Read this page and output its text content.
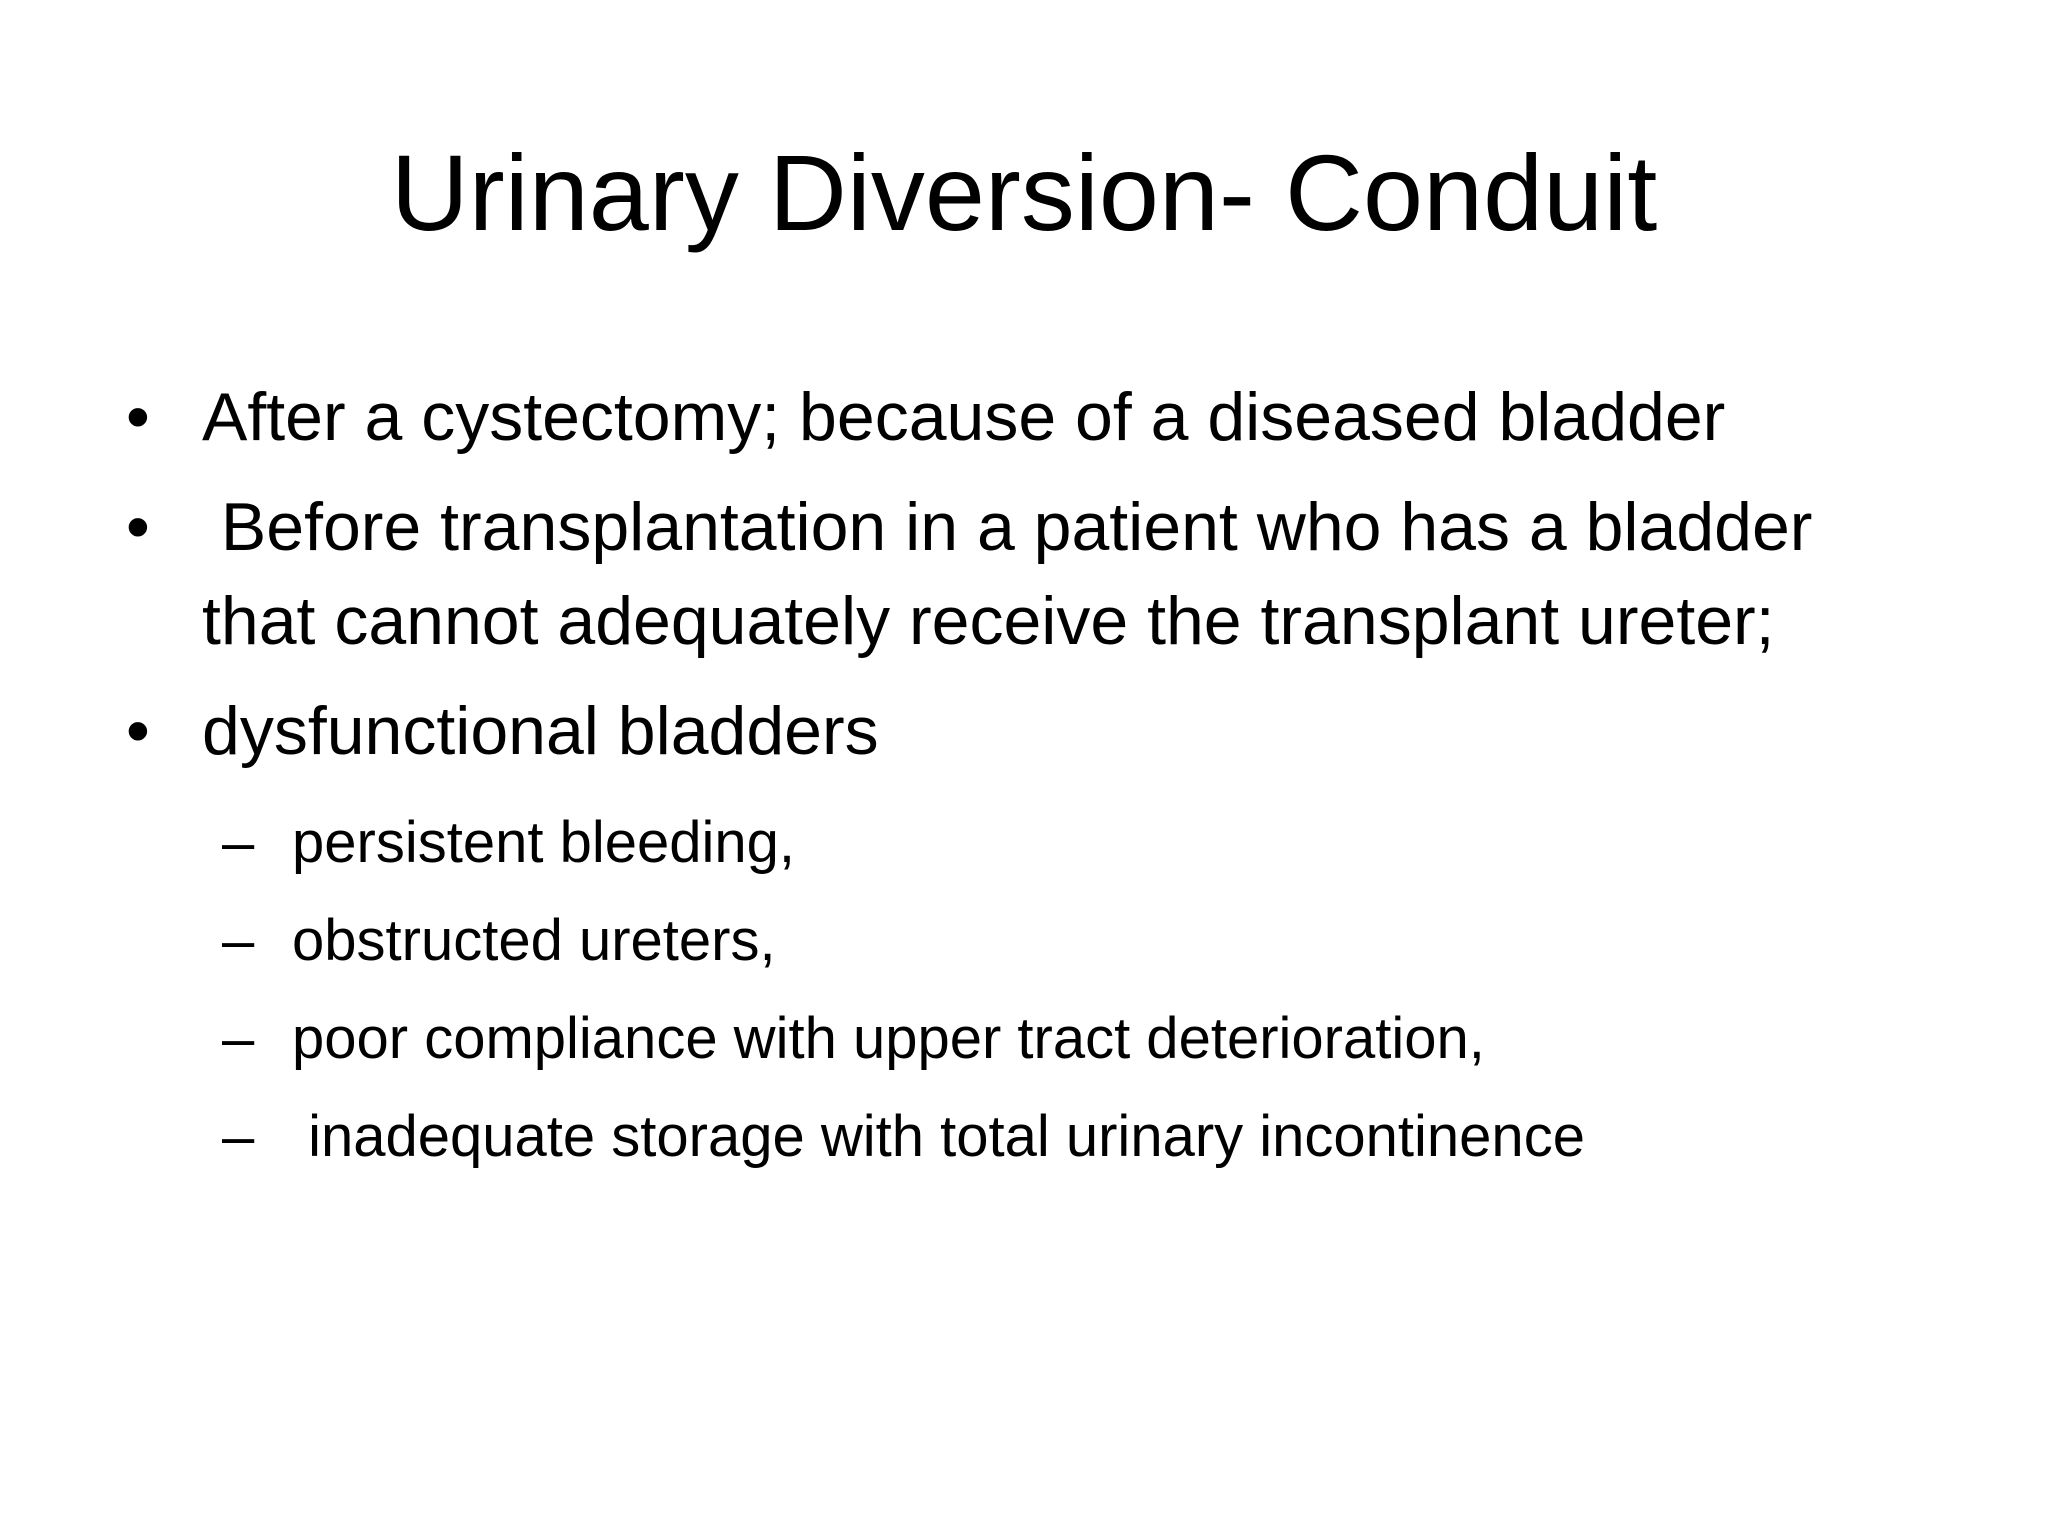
Urinary Diversion- Conduit
• After a cystectomy; because of a diseased bladder
• Before transplantation in a patient who has a bladder that cannot adequately receive the transplant ureter;
• dysfunctional bladders
– persistent bleeding,
– obstructed ureters,
– poor compliance with upper tract deterioration,
– inadequate storage with total urinary incontinence
